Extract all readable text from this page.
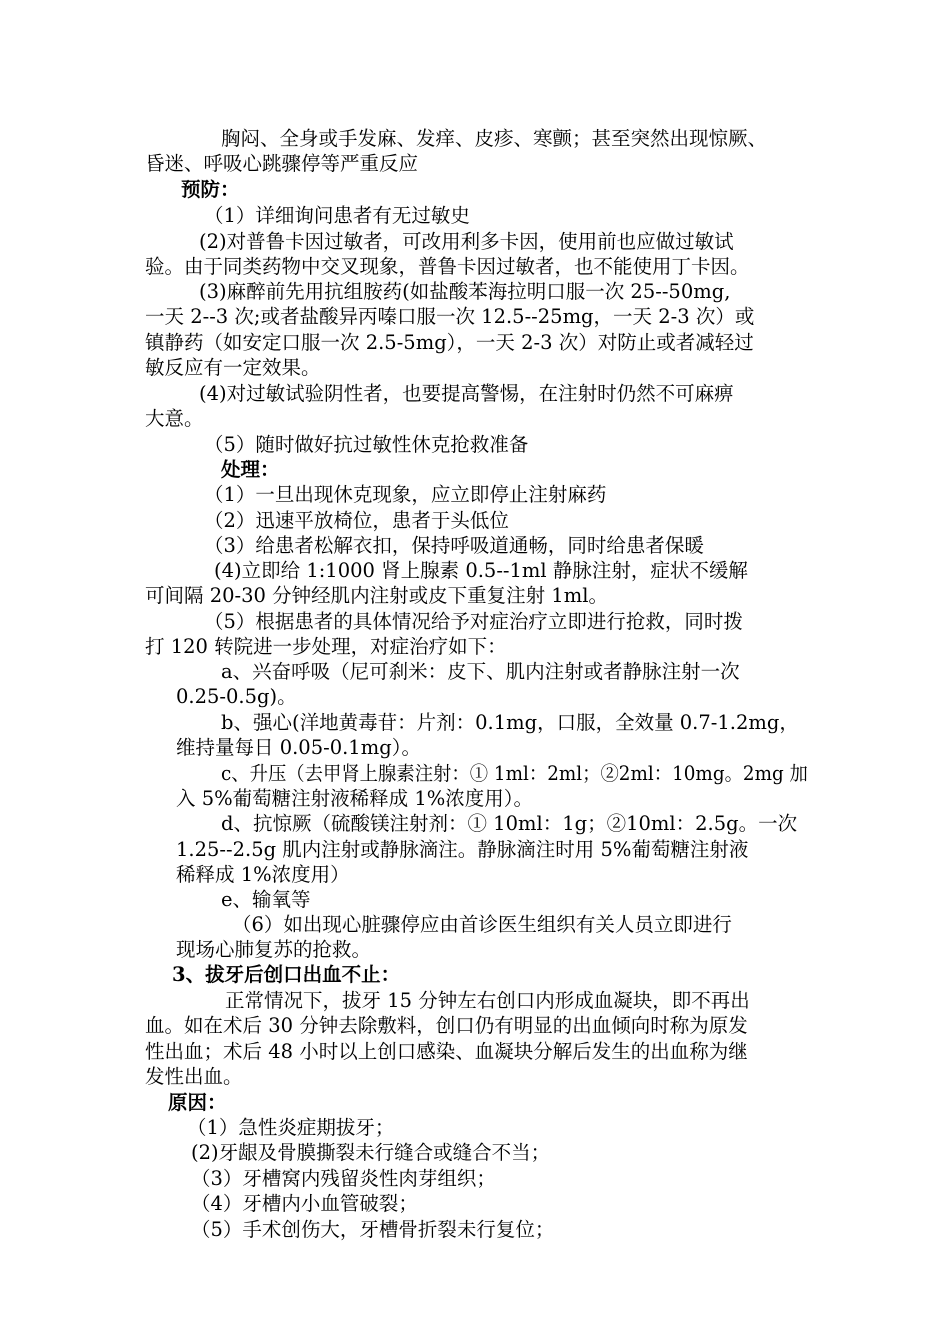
胸闷、全身或手发麻、发痒、皮疹、寒颤；甚至突然出现惊厥、

昏迷、呼吸心跳骤停等严重反应

预防：

（1）详细询问患者有无过敏史

(2)对普鲁卡因过敏者，可改用利多卡因，使用前也应做过敏试

验。由于同类药物中交叉现象，普鲁卡因过敏者，也不能使用丁卡因。

(3)麻醉前先用抗组胺药(如盐酸苯海拉明口服一次 25--50mg,

一天 2--3 次;或者盐酸异丙嗪口服一次 12.5--25mg，一天 2-3 次）或

镇静药（如安定口服一次 2.5-5mg），一天 2-3 次）对防止或者减轻过

敏反应有一定效果。

(4)对过敏试验阴性者，也要提高警惕，在注射时仍然不可麻痹

大意。

（5）随时做好抗过敏性休克抢救准备

处理：

（1）一旦出现休克现象，应立即停止注射麻药

（2）迅速平放椅位，患者于头低位

（3）给患者松解衣扣，保持呼吸道通畅，同时给患者保暖

(4)立即给 1:1000 肾上腺素 0.5--1ml 静脉注射，症状不缓解

可间隔 20-30 分钟经肌内注射或皮下重复注射 1ml。

（5）根据患者的具体情况给予对症治疗立即进行抢救，同时拨

打 120 转院进一步处理，对症治疗如下：

a、兴奋呼吸（尼可刹米：皮下、肌内注射或者静脉注射一次

0.25-0.5g)。

b、强心(洋地黄毒苷：片剂：0.1mg，口服，全效量 0.7-1.2mg，

维持量每日 0.05-0.1mg）。

c、升压（去甲肾上腺素注射：① 1ml：2ml；②2ml：10mg。2mg 加

入 5%葡萄糖注射液稀释成 1%浓度用）。

d、抗惊厥（硫酸镁注射剂：① 10ml：1g；②10ml：2.5g。一次

1.25--2.5g 肌内注射或静脉滴注。静脉滴注时用 5%葡萄糖注射液

稀释成 1%浓度用）

e、输氧等

（6）如出现心脏骤停应由首诊医生组织有关人员立即进行

现场心肺复苏的抢救。

3、拔牙后创口出血不止：

正常情况下，拔牙 15 分钟左右创口内形成血凝块，即不再出

血。如在术后 30 分钟去除敷料，创口仍有明显的出血倾向时称为原发

性出血；术后 48 小时以上创口感染、血凝块分解后发生的出血称为继

发性出血。

原因：

（1）急性炎症期拔牙；

(2)牙龈及骨膜撕裂未行缝合或缝合不当；

（3）牙槽窝内残留炎性肉芽组织；

（4）牙槽内小血管破裂；

（5）手术创伤大，牙槽骨折裂未行复位；
